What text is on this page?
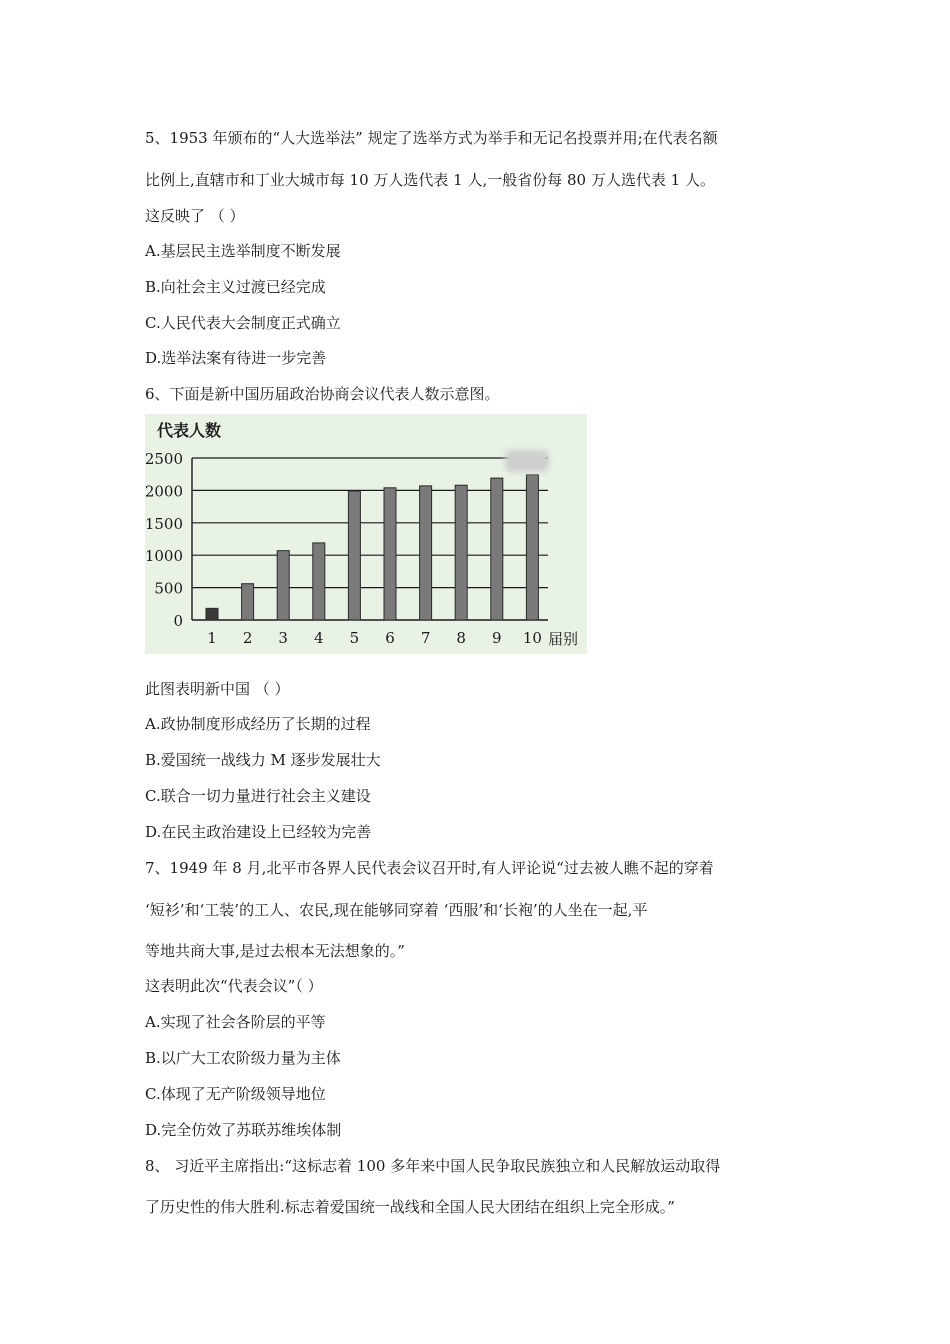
5、1953 年颁布的“人大选举法” 规定了选举方式为举手和无记名投票并用;在代表名额
比例上,直辖市和丁业大城市每 10 万人选代表 1 人,一般省份每 80 万人选代表 1 人。
这反映了 （ ）
A.基层民主选举制度不断发展
B.向社会主义过渡已经完成
C.人民代表大会制度正式确立
D.选举法案有待进一步完善
6、下面是新中国历届政治协商会议代表人数示意图。
代表人数
届别
0
500
1000
1500
2000
2500
1 2 3 4 5 6 7 8 9 10
此图表明新中国 （ ）
A.政协制度形成经历了长期的过程
B.爱国统一战线力 M 逐步发展壮大
C.联合一切力量进行社会主义建设
D.在民主政治建设上已经较为完善
7、1949 年 8 月,北平市各界人民代表会议召开时,有人评论说“过去被人瞧不起的穿着
‘短衫’和‘工装’的工人、农民,现在能够同穿着 ‘西服’和‘长袍’的人坐在一起,平
等地共商大事,是过去根本无法想象的。”
这表明此次“代表会议”（ ）
A.实现了社会各阶层的平等
B.以广大工农阶级力量为主体
C.体现了无产阶级领导地位
D.完全仿效了苏联苏维埃体制
8、 习近平主席指出:“这标志着 100 多年来中国人民争取民族独立和人民解放运动取得
了历史性的伟大胜利.标志着爱国统一战线和全国人民大团结在组织上完全形成。”
